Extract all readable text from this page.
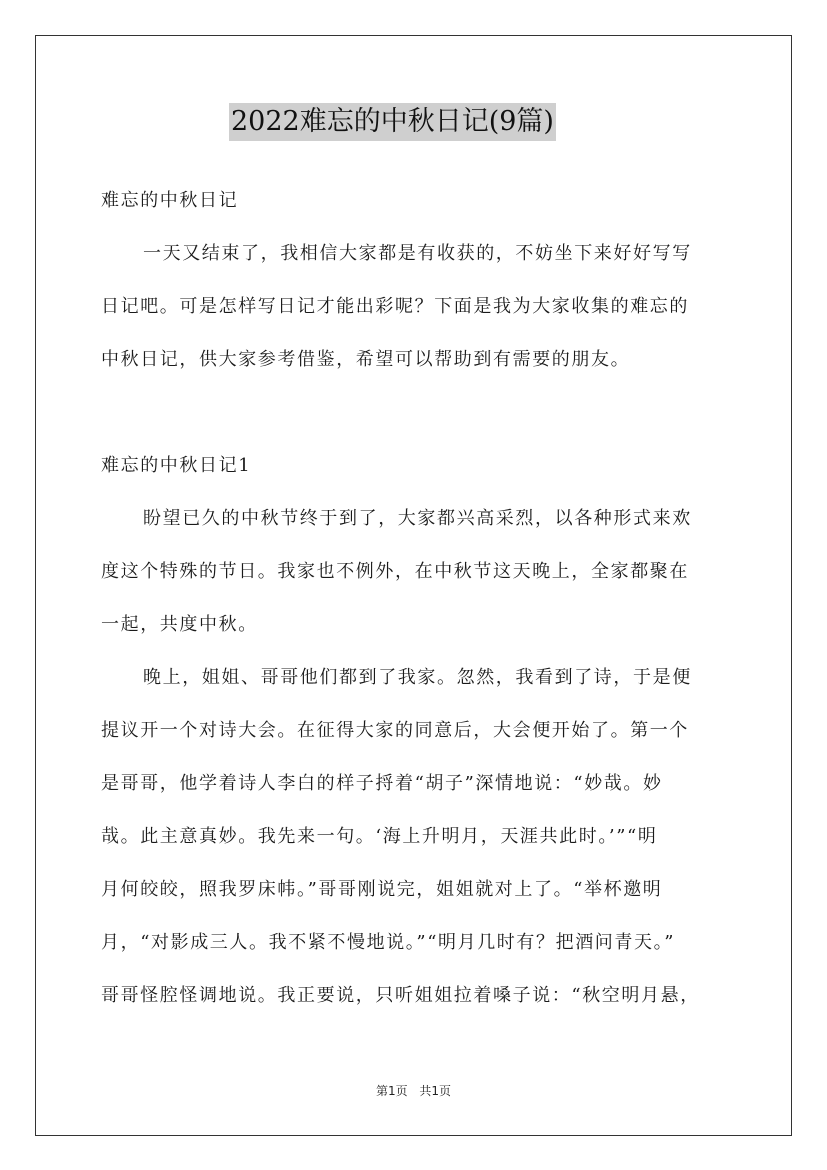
2022难忘的中秋日记(9篇)
难忘的中秋日记
一天又结束了，我相信大家都是有收获的，不妨坐下来好好写写
日记吧。可是怎样写日记才能出彩呢？下面是我为大家收集的难忘的
中秋日记，供大家参考借鉴，希望可以帮助到有需要的朋友。
难忘的中秋日记1
盼望已久的中秋节终于到了，大家都兴高采烈，以各种形式来欢
度这个特殊的节日。我家也不例外，在中秋节这天晚上，全家都聚在
一起，共度中秋。
晚上，姐姐、哥哥他们都到了我家。忽然，我看到了诗，于是便
提议开一个对诗大会。在征得大家的同意后，大会便开始了。第一个
是哥哥，他学着诗人李白的样子捋着“胡子”深情地说：“妙哉。妙
哉。此主意真妙。我先来一句。‘海上升明月，天涯共此时。’”“明
月何皎皎，照我罗床帏。”哥哥刚说完，姐姐就对上了。“举杯邀明
月，“对影成三人。我不紧不慢地说。”“明月几时有？把酒问青天。”
哥哥怪腔怪调地说。我正要说，只听姐姐拉着嗓子说：“秋空明月悬，
第1页 共1页
